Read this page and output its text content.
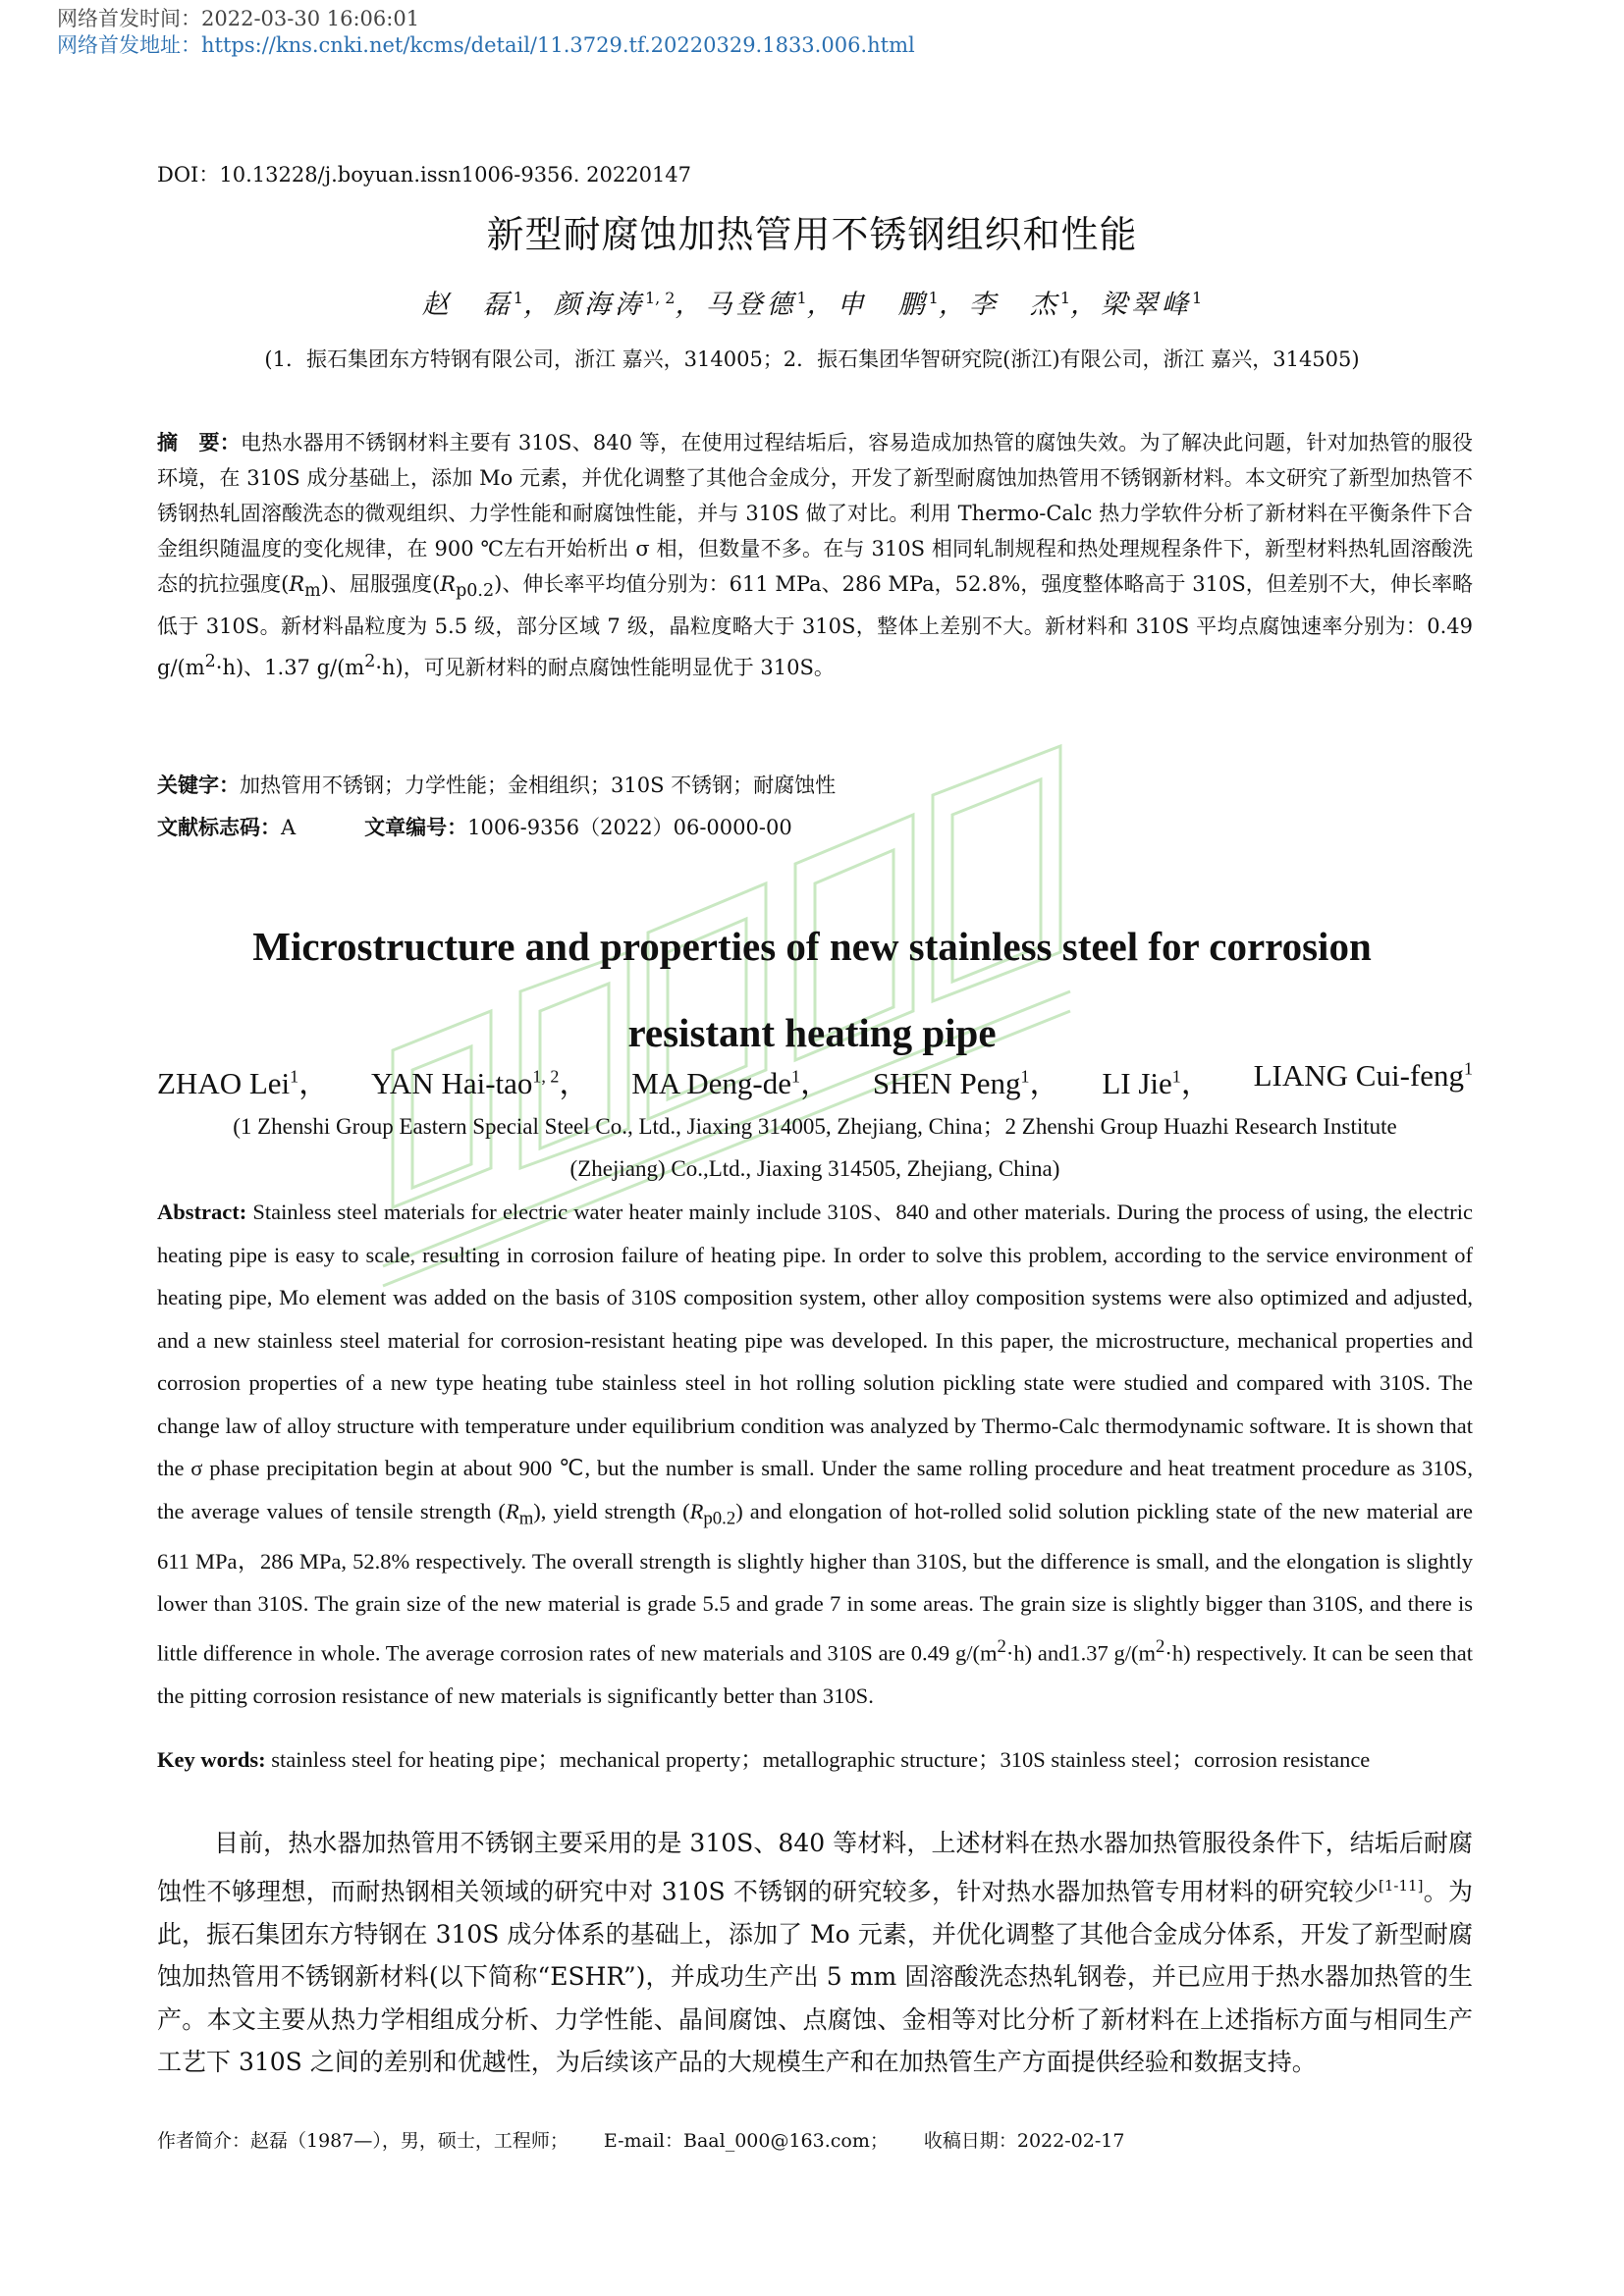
网络首发时间：2022-03-30 16:06:01
网络首发地址：https://kns.cnki.net/kcms/detail/11.3729.tf.20220329.1833.006.html
DOI：10.13228/j.boyuan.issn1006-9356. 20220147
新型耐腐蚀加热管用不锈钢组织和性能
赵　磊$^1$，颜海涛$^{1, 2}$，马登德$^1$，申　鹏$^1$，李　杰$^1$，梁翠峰$^1$
(1．振石集团东方特钢有限公司，浙江 嘉兴，314005；2．振石集团华智研究院(浙江)有限公司，浙江 嘉兴，314505)
摘　要：电热水器用不锈钢材料主要有 310S、840 等，在使用过程结垢后，容易造成加热管的腐蚀失效。为了解决此问题，针对加热管的服役环境，在 310S 成分基础上，添加 Mo 元素，并优化调整了其他合金成分，开发了新型耐腐蚀加热管用不锈钢新材料。本文研究了新型加热管不锈钢热轧固溶酸洗态的微观组织、力学性能和耐腐蚀性能，并与 310S 做了对比。利用 Thermo-Calc 热力学软件分析了新材料在平衡条件下合金组织随温度的变化规律，在 900 ℃左右开始析出 σ 相，但数量不多。在与 310S 相同轧制规程和热处理规程条件下，新型材料热轧固溶酸洗态的抗拉强度$(R_m)$、屈服强度$(R_{p0.2})$、伸长率平均值分别为：611 MPa、286 MPa，52.8%，强度整体略高于 310S，但差别不大，伸长率略低于 310S。新材料晶粒度为 5.5 级，部分区域 7 级，晶粒度略大于 310S，整体上差别不大。新材料和 310S 平均点腐蚀速率分别为：0.49 $g/(m^2\cdot h)$、1.37 $g/(m^2\cdot h)$，可见新材料的耐点腐蚀性能明显优于 310S。
关键字：加热管用不锈钢；力学性能；金相组织；310S 不锈钢；耐腐蚀性
文献标志码：A	文章编号：1006-9356（2022）06-0000-00
Microstructure and properties of new stainless steel for corrosion
resistant heating pipe
ZHAO Lei$^1$， YAN Hai-tao$^{1, 2}$， MA Deng-$de^1$， SHEN Peng$^1$， LI Jie$^1$， LIANG Cui-feng$^1$
(1 Zhenshi Group Eastern Special Steel Co., Ltd., Jiaxing 314005, Zhejiang, China；2 Zhenshi Group Huazhi Research Institute
(Zhejiang) Co.,Ltd., Jiaxing 314505, Zhejiang, China)
Abstract: Stainless steel materials for electric water heater mainly include 310S、840 and other materials. During the process of using, the electric heating pipe is easy to scale, resulting in corrosion failure of heating pipe. In order to solve this problem, according to the service environment of heating pipe, Mo element was added on the basis of 310S composition system, other alloy composition systems were also optimized and adjusted, and a new stainless steel material for corrosion-resistant heating pipe was developed. In this paper, the microstructure, mechanical properties and corrosion properties of a new type heating tube stainless steel in hot rolling solution pickling state were studied and compared with 310S. The change law of alloy structure with temperature under equilibrium condition was analyzed by Thermo-Calc thermodynamic software. It is shown that the σ phase precipitation begin at about 900 ℃, but the number is small. Under the same rolling procedure and heat treatment procedure as 310S, the average values of tensile strength $(R_m)$, yield strength $(R_{p0.2})$ and elongation of hot-rolled solid solution pickling state of the new material are 611 MPa，286 MPa, 52.8% respectively. The overall strength is slightly higher than 310S, but the difference is small, and the elongation is slightly lower than 310S. The grain size of the new material is grade 5.5 and grade 7 in some areas. The grain size is slightly bigger than 310S, and there is little difference in whole. The average corrosion rates of new materials and 310S are 0.49 $g/(m^2\cdot h)$ and1.37 $g/(m^2\cdot h)$ respectively. It can be seen that the pitting corrosion resistance of new materials is significantly better than 310S.
Key words: stainless steel for heating pipe；mechanical property；metallographic structure；310S stainless steel；corrosion resistance
目前，热水器加热管用不锈钢主要采用的是 310S、840 等材料，上述材料在热水器加热管服役条件下，结垢后耐腐蚀性不够理想，而耐热钢相关领域的研究中对 310S 不锈钢的研究较多，针对热水器加热管专用材料的研究较少[1-11]。为此，振石集团东方特钢在 310S 成分体系的基础上，添加了 Mo 元素，并优化调整了其他合金成分体系，开发了新型耐腐蚀加热管用不锈钢新材料(以下简称“ESHR”)，并成功生产出 5 mm 固溶酸洗态热轧钢卷，并已应用于热水器加热管的生产。本文主要从热力学相组成分析、力学性能、晶间腐蚀、点腐蚀、金相等对比分析了新材料在上述指标方面与相同生产工艺下 310S 之间的差别和优越性，为后续该产品的大规模生产和在加热管生产方面提供经验和数据支持。
作者简介：赵磊（1987—），男，硕士，工程师； E-mail：Baal_000@163.com； 收稿日期：2022-02-17
